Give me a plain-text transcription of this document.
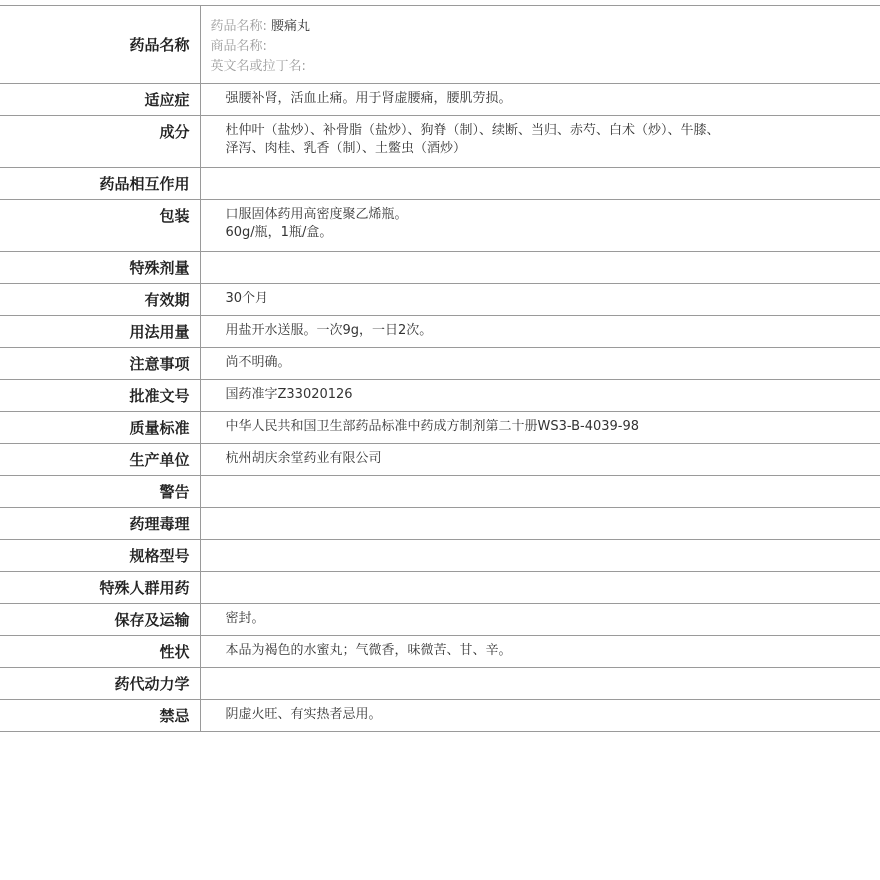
药品名称	药品名称: 腰痛丸
商品名称:
英文名或拉丁名:

适应症	强腰补肾，活血止痛。用于肾虚腰痛，腰肌劳损。
成分	杜仲叶（盐炒）、补骨脂（盐炒）、狗脊（制）、续断、当归、赤芍、白术（炒）、牛膝、
泽泻、肉桂、乳香（制）、土鳖虫（酒炒）

药品相互作用	
包装	口服固体药用高密度聚乙烯瓶。
60g/瓶，1瓶/盒。

特殊剂量	
有效期	30个月
用法用量	用盐开水送服。一次9g，一日2次。
注意事项	尚不明确。
批准文号	国药准字Z33020126
质量标准	中华人民共和国卫生部药品标准中药成方制剂第二十册WS3-B-4039-98
生产单位	杭州胡庆余堂药业有限公司
警告	
药理毒理	
规格型号	
特殊人群用药	
保存及运输	密封。
性状	本品为褐色的水蜜丸；气微香，味微苦、甘、辛。
药代动力学	
禁忌	阴虚火旺、有实热者忌用。
